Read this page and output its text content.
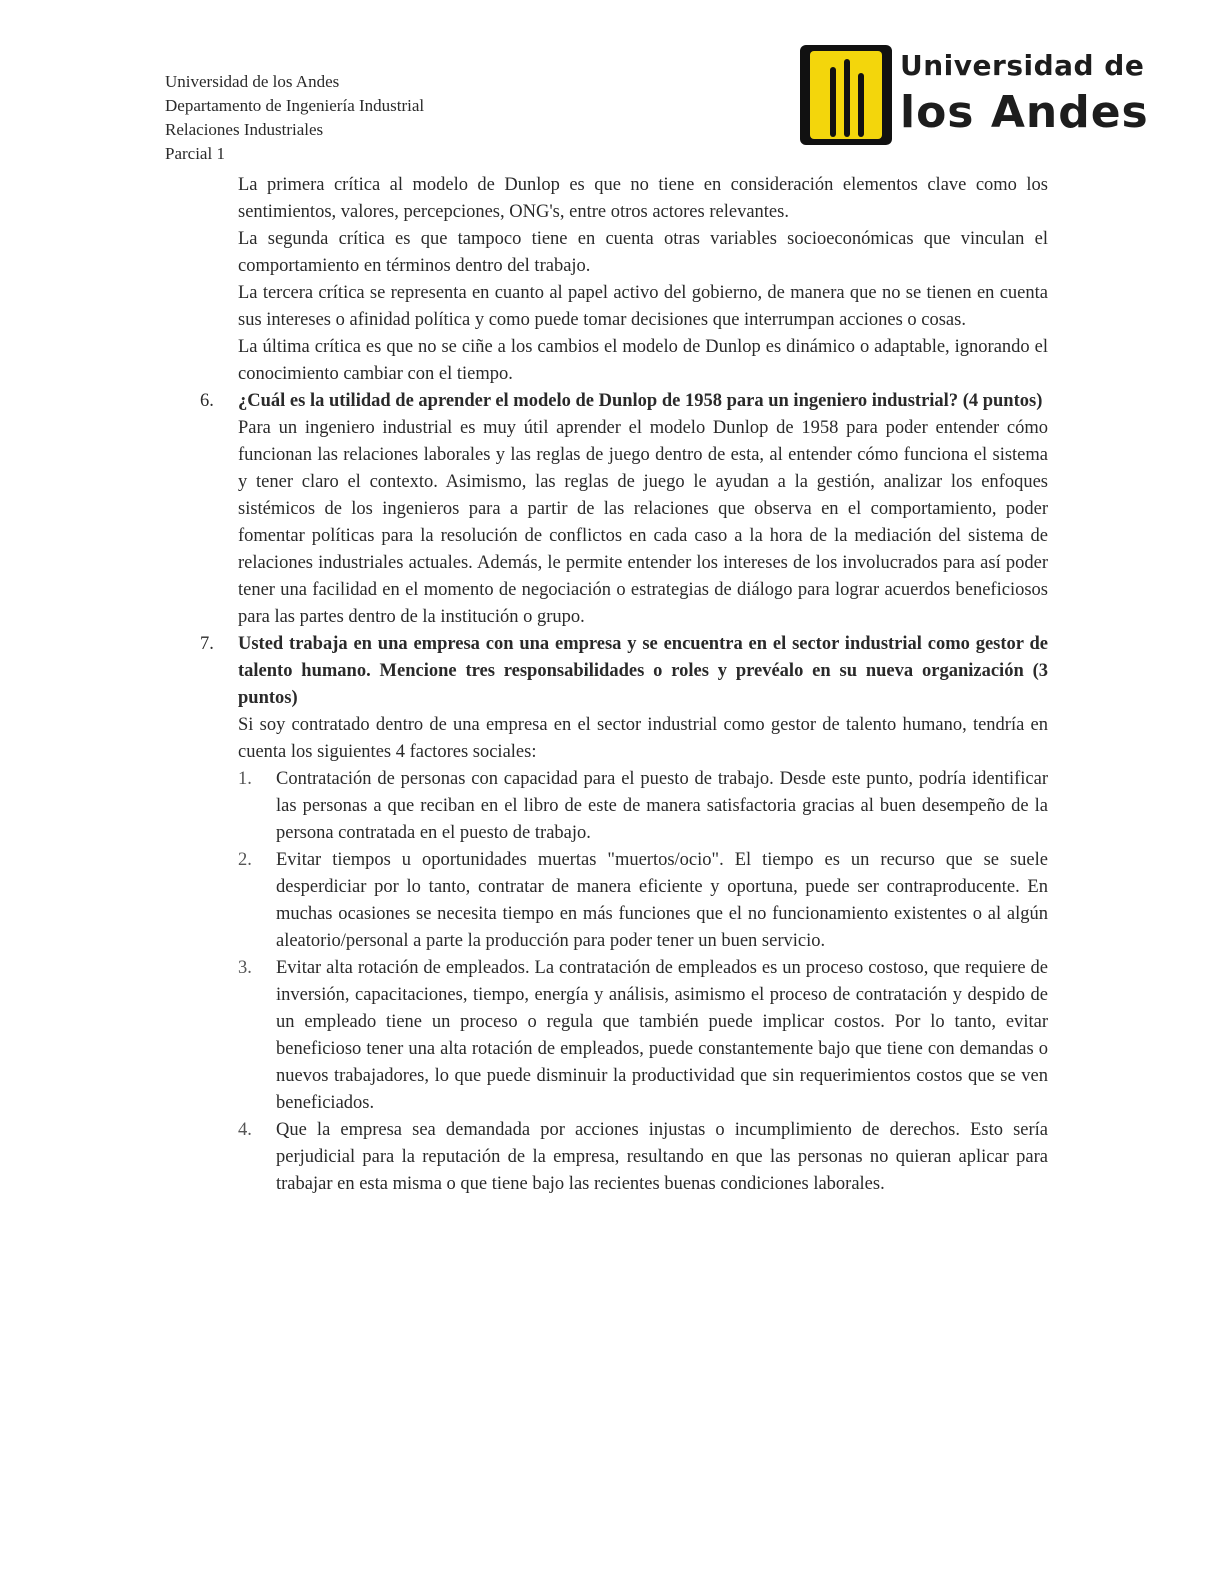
Universidad de los Andes
Departamento de Ingeniería Industrial
Relaciones Industriales
Parcial 1
Universidad de
los Andes

La primera crítica al modelo de Dunlop es que no tiene en consideración elementos clave como los sentimientos, valores, percepciones, ONG's, entre otros actores relevantes.

La segunda crítica es que tampoco tiene en cuenta otras variables socioeconómicas que vinculan el comportamiento en términos dentro del trabajo.

La tercera crítica se representa en cuanto al papel activo del gobierno, de manera que no se tienen en cuenta sus intereses o afinidad política y como puede tomar decisiones que interrumpan acciones o cosas.

La última crítica es que no se ciñe a los cambios el modelo de Dunlop es dinámico o adaptable, ignorando el conocimiento cambiar con el tiempo.

6.	¿Cuál es la utilidad de aprender el modelo de Dunlop de 1958 para un ingeniero industrial? (4 puntos)

Para un ingeniero industrial es muy útil aprender el modelo Dunlop de 1958 para poder entender cómo funcionan las relaciones laborales y las reglas de juego dentro de esta, al entender cómo funciona el sistema y tener claro el contexto. Asimismo, las reglas de juego le ayudan a la gestión, analizar los enfoques sistémicos de los ingenieros para a partir de las relaciones que observa en el comportamiento, poder fomentar políticas para la resolución de conflictos en cada caso a la hora de la mediación del sistema de relaciones industriales actuales. Además, le permite entender los intereses de los involucrados para así poder tener una facilidad en el momento de negociación o estrategias de diálogo para lograr acuerdos beneficiosos para las partes dentro de la institución o grupo.

7.	Usted trabaja en una empresa con una empresa y se encuentra en el sector industrial como gestor de talento humano. Mencione tres responsabilidades o roles y prevéalo en su nueva organización (3 puntos)

Si soy contratado dentro de una empresa en el sector industrial como gestor de talento humano, tendría en cuenta los siguientes 4 factores sociales:

1.	Contratación de personas con capacidad para el puesto de trabajo. Desde este punto, podría identificar las personas a que reciban en el libro de este de manera satisfactoria gracias al buen desempeño de la persona contratada en el puesto de trabajo.
2.	Evitar tiempos u oportunidades muertas "muertos/ocio". El tiempo es un recurso que se suele desperdiciar por lo tanto, contratar de manera eficiente y oportuna, puede ser contraproducente. En muchas ocasiones se necesita tiempo en más funciones que el no funcionamiento existentes o al algún aleatorio/personal a parte la producción para poder tener un buen servicio.
3.	Evitar alta rotación de empleados. La contratación de empleados es un proceso costoso, que requiere de inversión, capacitaciones, tiempo, energía y análisis, asimismo el proceso de contratación y despido de un empleado tiene un proceso o regula que también puede implicar costos. Por lo tanto, evitar beneficioso tener una alta rotación de empleados, puede constantemente bajo que tiene con demandas o nuevos trabajadores, lo que puede disminuir la productividad que sin requerimientos costos que se ven beneficiados.
4.	Que la empresa sea demandada por acciones injustas o incumplimiento de derechos. Esto sería perjudicial para la reputación de la empresa, resultando en que las personas no quieran aplicar para trabajar en esta misma o que tiene bajo las recientes buenas condiciones laborales.
